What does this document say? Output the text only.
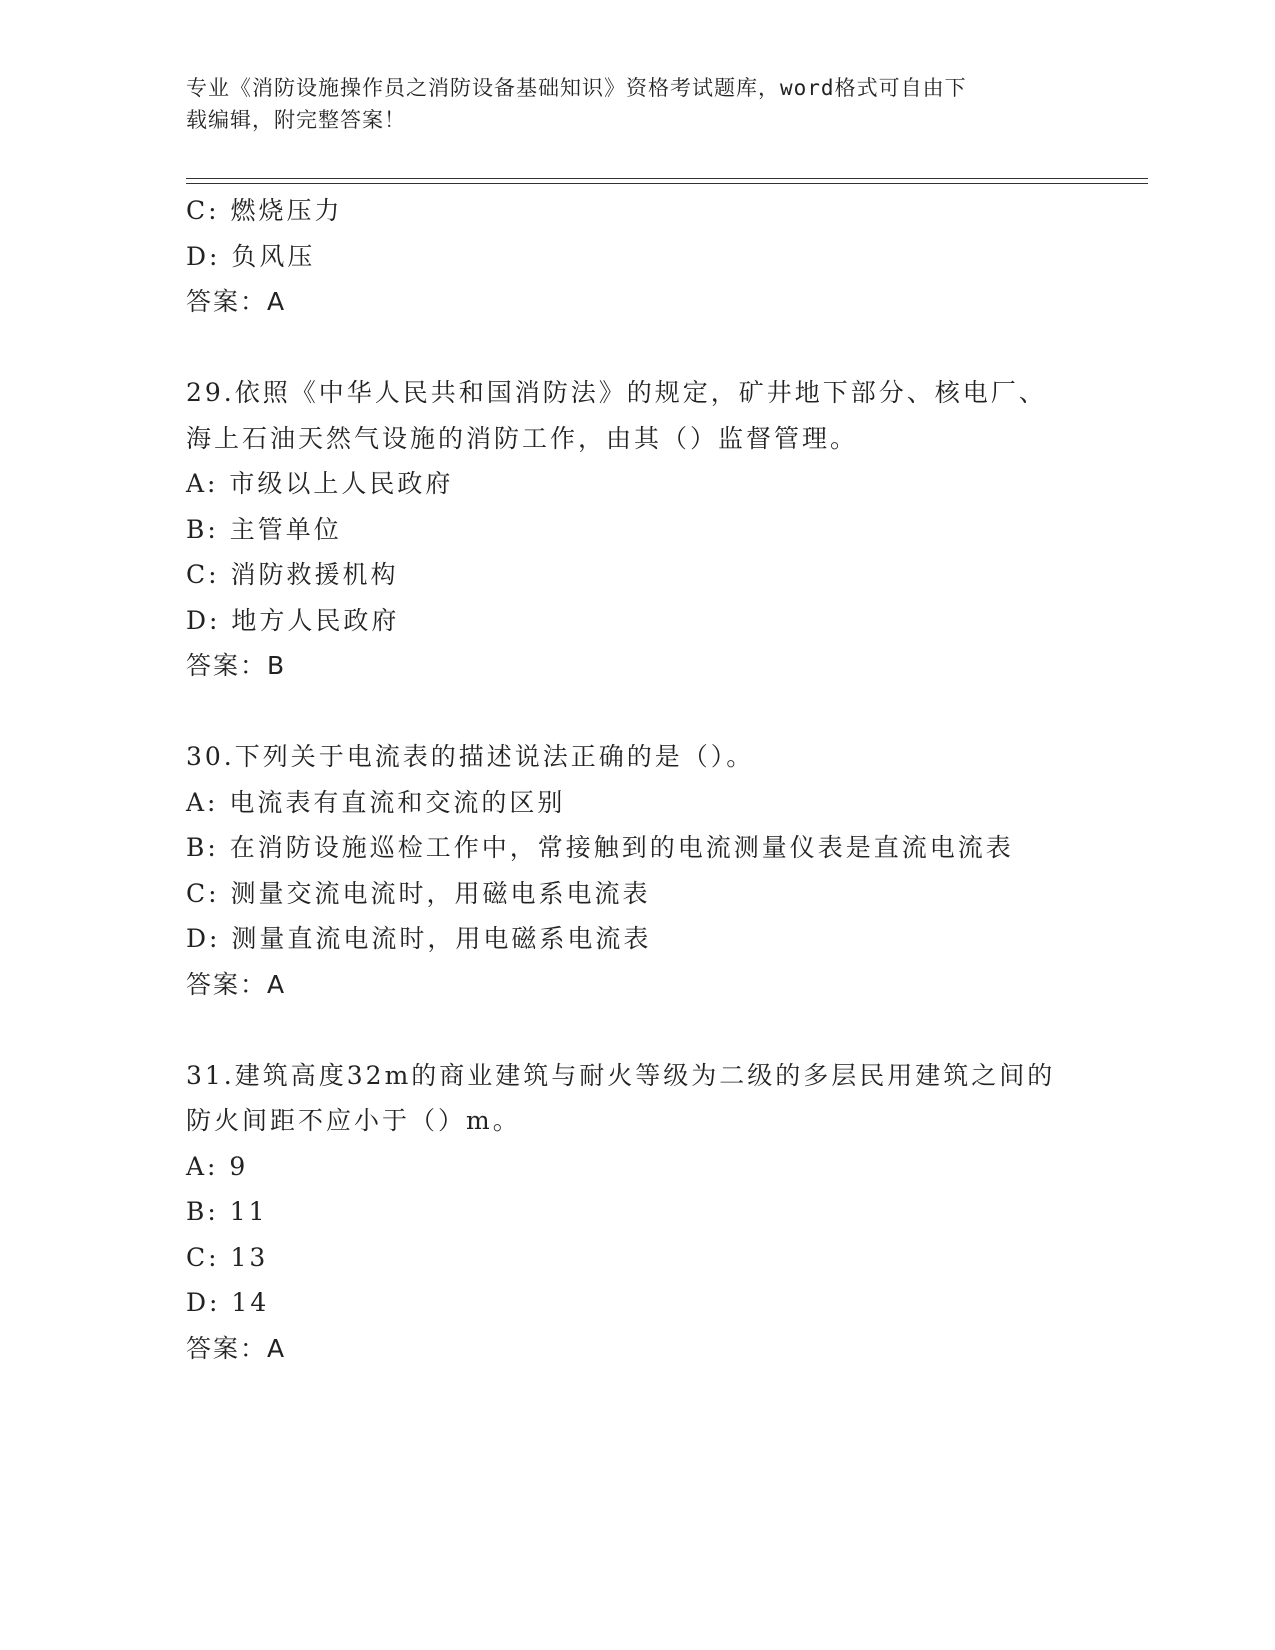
专业《消防设施操作员之消防设备基础知识》资格考试题库，word格式可自由下
载编辑，附完整答案！
C: 燃烧压力
D: 负风压
答案：A
29.依照《中华人民共和国消防法》的规定，矿井地下部分、核电厂、
海上石油天然气设施的消防工作，由其（）监督管理。
A: 市级以上人民政府
B: 主管单位
C: 消防救援机构
D: 地方人民政府
答案：B
30.下列关于电流表的描述说法正确的是（）。
A: 电流表有直流和交流的区别
B: 在消防设施巡检工作中，常接触到的电流测量仪表是直流电流表
C: 测量交流电流时，用磁电系电流表
D: 测量直流电流时，用电磁系电流表
答案：A
31.建筑高度32m的商业建筑与耐火等级为二级的多层民用建筑之间的
防火间距不应小于（）m。
A: 9
B: 11
C: 13
D: 14
答案：A
